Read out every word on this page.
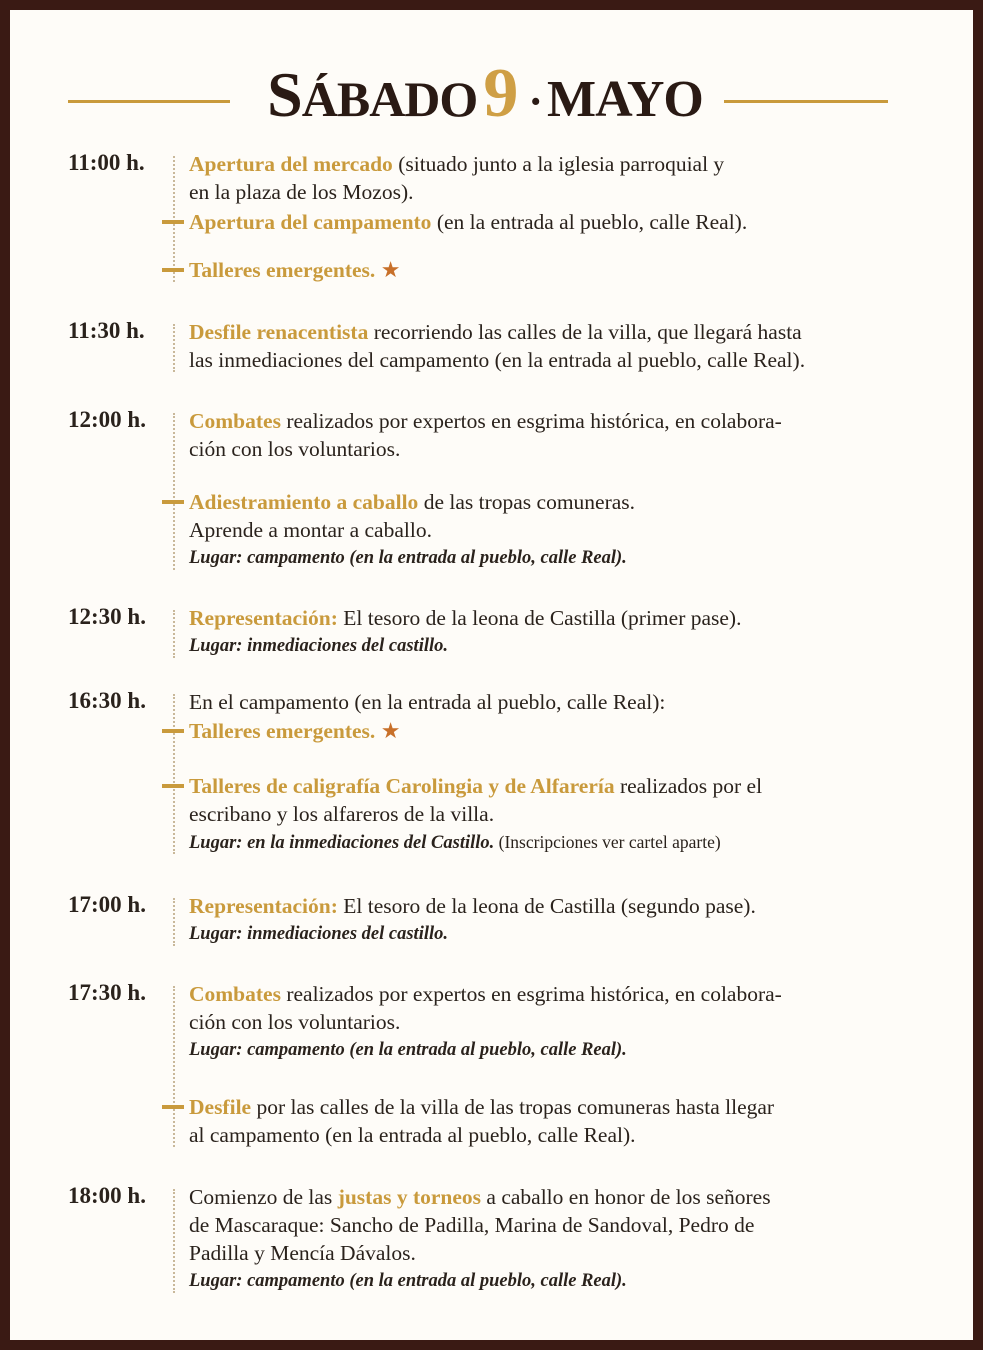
SÁBADO9 ·MAYO
11:00 h. Apertura del mercado (situado junto a la iglesia parroquial y
en la plaza de los Mozos).
Apertura del campamento (en la entrada al pueblo, calle Real).
Talleres emergentes. ★
11:30 h. Desfile renacentista recorriendo las calles de la villa, que llegará hasta
las inmediaciones del campamento (en la entrada al pueblo, calle Real).
12:00 h. Combates realizados por expertos en esgrima histórica, en colabora-
ción con los voluntarios.
Adiestramiento a caballo de las tropas comuneras.
Aprende a montar a caballo.
Lugar: campamento (en la entrada al pueblo, calle Real).
12:30 h. Representación: El tesoro de la leona de Castilla (primer pase).
Lugar: inmediaciones del castillo.
16:30 h. En el campamento (en la entrada al pueblo, calle Real):
Talleres emergentes. ★
Talleres de caligrafía Carolingia y de Alfarería realizados por el
escribano y los alfareros de la villa.
Lugar: en la inmediaciones del Castillo. (Inscripciones ver cartel aparte)
17:00 h. Representación: El tesoro de la leona de Castilla (segundo pase).
Lugar: inmediaciones del castillo.
17:30 h. Combates realizados por expertos en esgrima histórica, en colabora-
ción con los voluntarios.
Lugar: campamento (en la entrada al pueblo, calle Real).
Desfile por las calles de la villa de las tropas comuneras hasta llegar
al campamento (en la entrada al pueblo, calle Real).
18:00 h. Comienzo de las justas y torneos a caballo en honor de los señores
de Mascaraque: Sancho de Padilla, Marina de Sandoval, Pedro de
Padilla y Mencía Dávalos.
Lugar: campamento (en la entrada al pueblo, calle Real).
